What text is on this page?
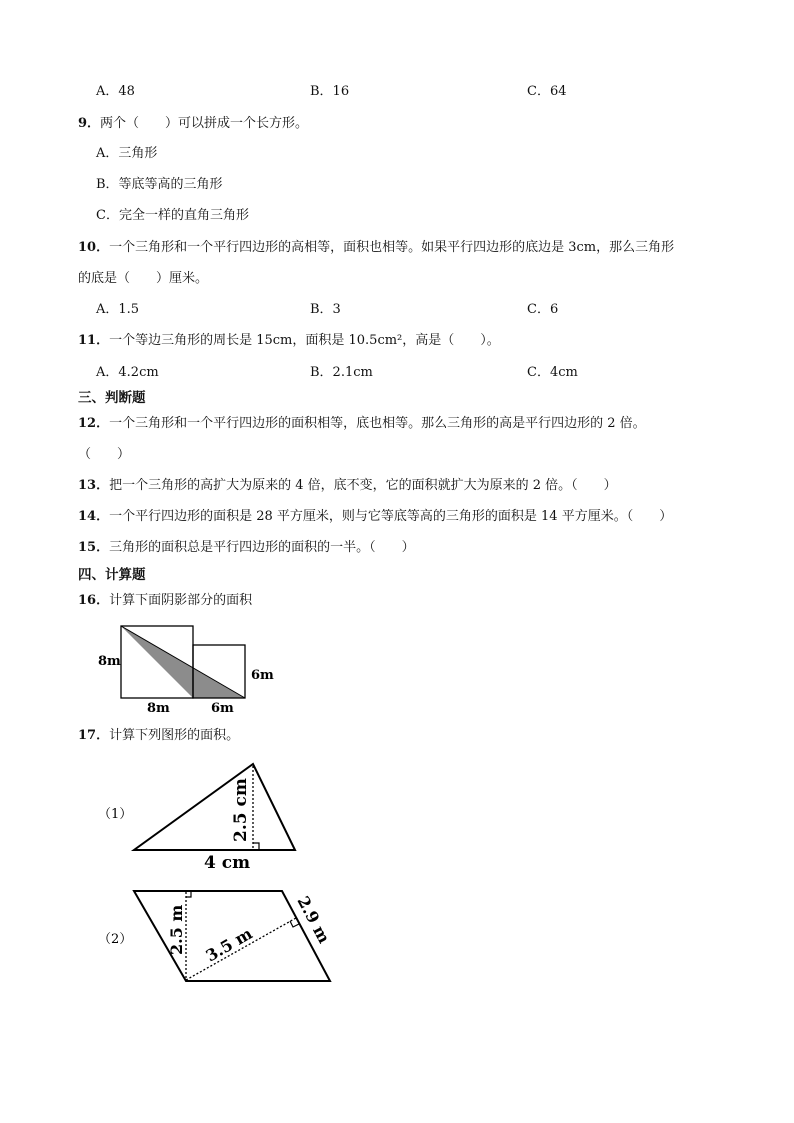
A．48	B．16	C．64
9．两个（　　）可以拼成一个长方形。
A．三角形
B．等底等高的三角形
C．完全一样的直角三角形
10．一个三角形和一个平行四边形的高相等，面积也相等。如果平行四边形的底边是 3cm，那么三角形
的底是（　　）厘米。
A．1.5	B．3	C．6
11．一个等边三角形的周长是 15cm，面积是 10.5cm²，高是（　　）。
A．4.2cm	B．2.1cm	C．4cm
三、判断题
12．一个三角形和一个平行四边形的面积相等，底也相等。那么三角形的高是平行四边形的 2 倍。
（　　）
13．把一个三角形的高扩大为原来的 4 倍，底不变，它的面积就扩大为原来的 2 倍。（　　）
14．一个平行四边形的面积是 28 平方厘米，则与它等底等高的三角形的面积是 14 平方厘米。（　　）
15．三角形的面积总是平行四边形的面积的一半。（　　）
四、计算题
16．计算下面阴影部分的面积
8m
8m
6m
6m
17．计算下列图形的面积。
（1）	2.5 cm
4 cm
（2） 2.5 m 3.5 m 2.9 m
